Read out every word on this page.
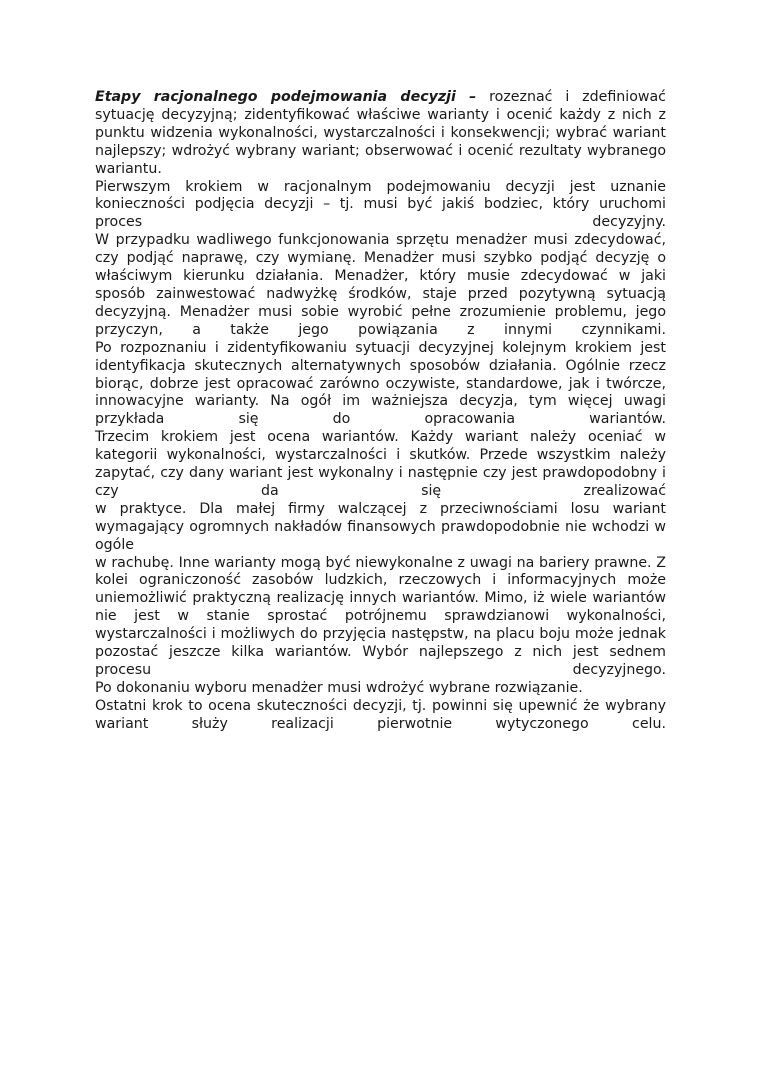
Etapy racjonalnego podejmowania decyzji – rozeznać i zdefiniować sytuację decyzyjną; zidentyfikować właściwe warianty i ocenić każdy z nich z punktu widzenia wykonalności, wystarczalności i konsekwencji; wybrać wariant najlepszy; wdrożyć wybrany wariant; obserwować i ocenić rezultaty wybranego wariantu.

Pierwszym krokiem w racjonalnym podejmowaniu decyzji jest uznanie konieczności podjęcia decyzji – tj. musi być jakiś bodziec, który uruchomi proces decyzyjny.

W przypadku wadliwego funkcjonowania sprzętu menadżer musi zdecydować, czy podjąć naprawę, czy wymianę. Menadżer musi szybko podjąć decyzję o właściwym kierunku działania. Menadżer, który musie zdecydować w jaki sposób zainwestować nadwyżkę środków, staje przed pozytywną sytuacją decyzyjną. Menadżer musi sobie wyrobić pełne zrozumienie problemu, jego przyczyn, a także jego powiązania z innymi czynnikami.

Po rozpoznaniu i zidentyfikowaniu sytuacji decyzyjnej kolejnym krokiem jest identyfikacja skutecznych alternatywnych sposobów działania. Ogólnie rzecz biorąc, dobrze jest opracować zarówno oczywiste, standardowe, jak i twórcze, innowacyjne warianty. Na ogół im ważniejsza decyzja, tym więcej uwagi przykłada się do opracowania wariantów.

Trzecim krokiem jest ocena wariantów. Każdy wariant należy oceniać w kategorii wykonalności, wystarczalności i skutków. Przede wszystkim należy zapytać, czy dany wariant jest wykonalny i następnie czy jest prawdopodobny i czy da się zrealizować

w praktyce. Dla małej firmy walczącej z przeciwnościami losu wariant wymagający ogromnych nakładów finansowych prawdopodobnie nie wchodzi w ogóle

w rachubę. Inne warianty mogą być niewykonalne z uwagi na bariery prawne. Z kolei ograniczoność zasobów ludzkich, rzeczowych i informacyjnych może uniemożliwić praktyczną realizację innych wariantów. Mimo, iż wiele wariantów nie jest w stanie sprostać potrójnemu sprawdzianowi wykonalności, wystarczalności i możliwych do przyjęcia następstw, na placu boju może jednak pozostać jeszcze kilka wariantów. Wybór najlepszego z nich jest sednem procesu decyzyjnego.

Po dokonaniu wyboru menadżer musi wdrożyć wybrane rozwiązanie.

Ostatni krok to ocena skuteczności decyzji, tj. powinni się upewnić że wybrany wariant służy realizacji pierwotnie wytyczonego celu.
